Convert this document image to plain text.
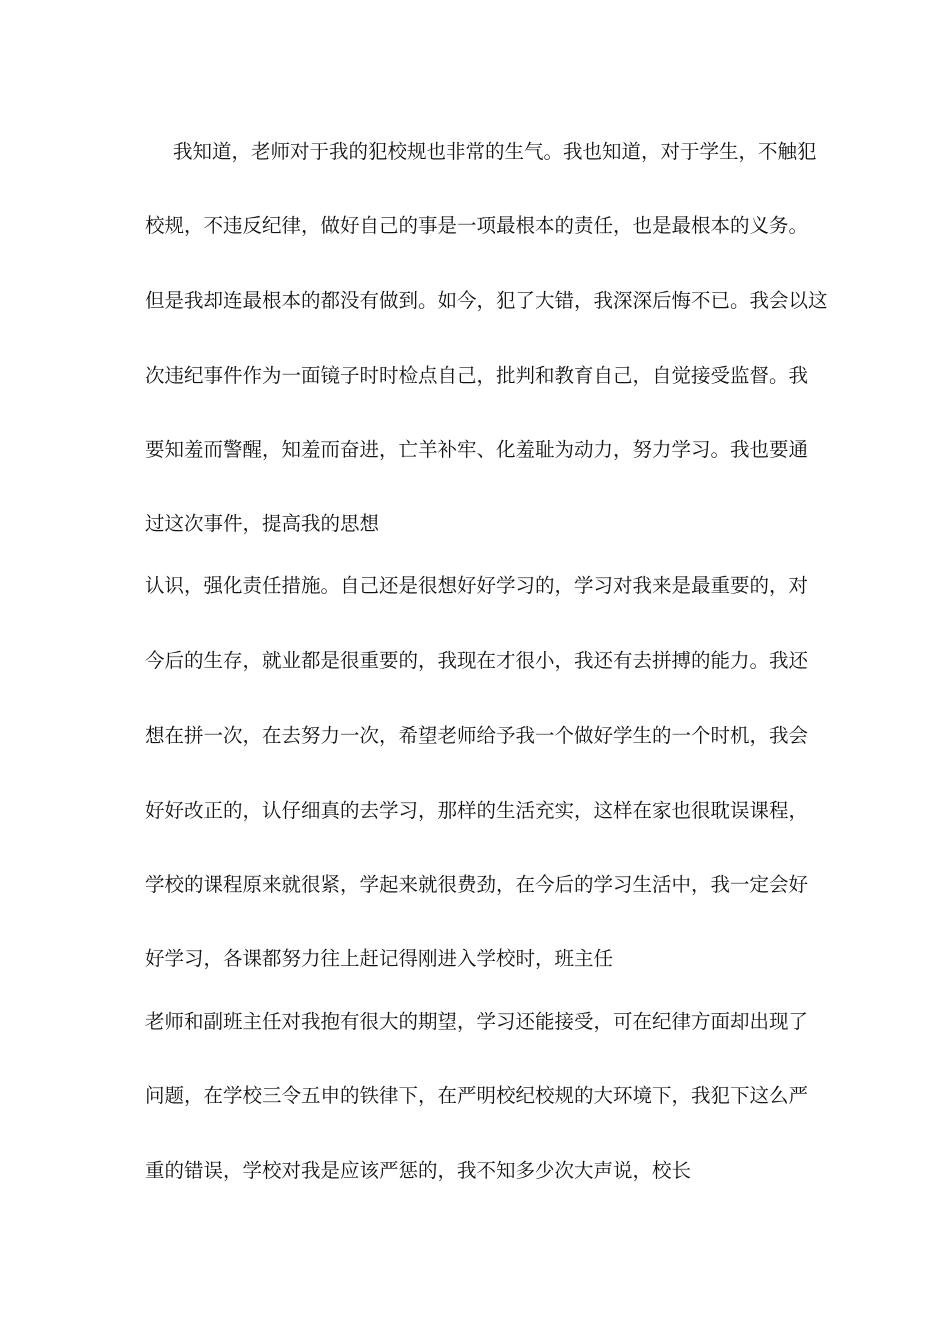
我知道，老师对于我的犯校规也非常的生气。我也知道，对于学生，不触犯
校规，不违反纪律，做好自己的事是一项最根本的责任，也是最根本的义务。
但是我却连最根本的都没有做到。如今，犯了大错，我深深后悔不已。我会以这
次违纪事件作为一面镜子时时检点自己，批判和教育自己，自觉接受监督。我
要知羞而警醒，知羞而奋进，亡羊补牢、化羞耻为动力，努力学习。我也要通
过这次事件，提高我的思想
认识，强化责任措施。自己还是很想好好学习的，学习对我来是最重要的，对
今后的生存，就业都是很重要的，我现在才很小，我还有去拼搏的能力。我还
想在拼一次，在去努力一次，希望老师给予我一个做好学生的一个时机，我会
好好改正的，认仔细真的去学习，那样的生活充实，这样在家也很耽误课程，
学校的课程原来就很紧，学起来就很费劲，在今后的学习生活中，我一定会好
好学习，各课都努力往上赶记得刚进入学校时，班主任
老师和副班主任对我抱有很大的期望，学习还能接受，可在纪律方面却出现了
问题，在学校三令五申的铁律下，在严明校纪校规的大环境下，我犯下这么严
重的错误，学校对我是应该严惩的，我不知多少次大声说，校长
